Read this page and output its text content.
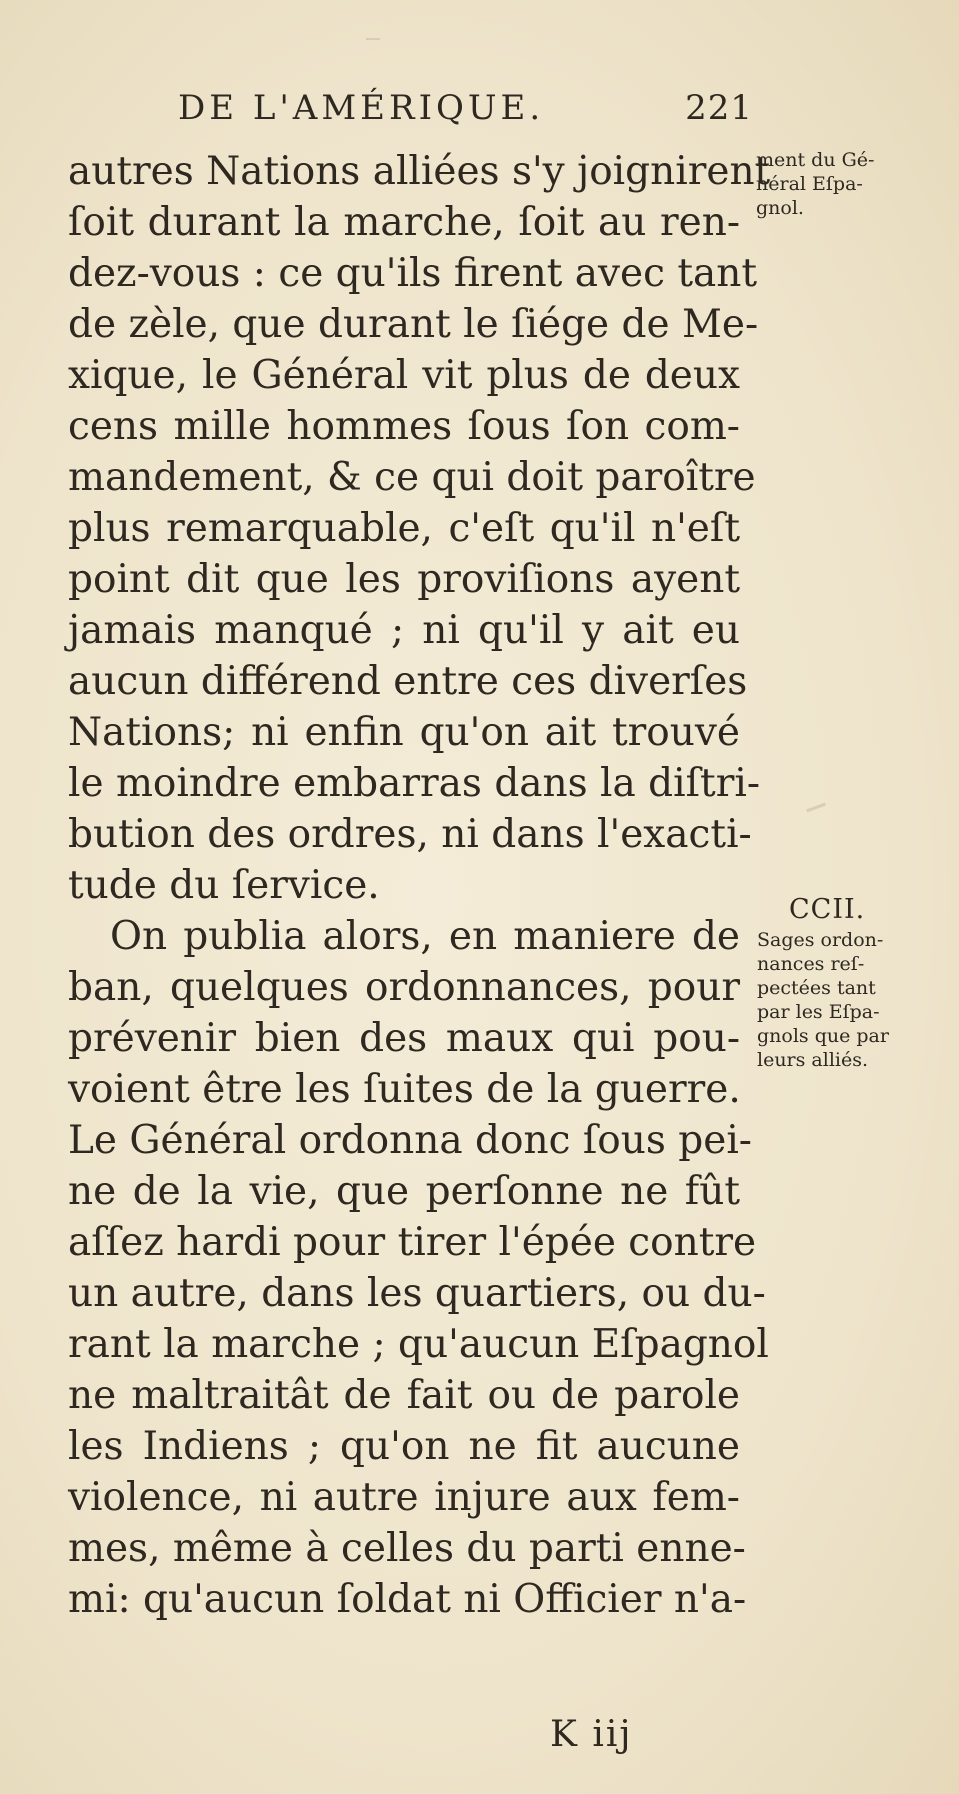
DE L'AMÉRIQUE.	221
autres Nations alliées s'y joignirent
ſoit durant la marche, ſoit au ren-
dez-vous : ce qu'ils firent avec tant
de zèle, que durant le ſiége de Me-
xique, le Général vit plus de deux
cens mille hommes ſous ſon com-
mandement, & ce qui doit paroître
plus remarquable, c'eſt qu'il n'eſt
point dit que les proviſions ayent
jamais manqué ; ni qu'il y ait eu
aucun différend entre ces diverſes
Nations; ni enfin qu'on ait trouvé
le moindre embarras dans la diſtri-
bution des ordres, ni dans l'exacti-
tude du ſervice.
On publia alors, en maniere de
ban, quelques ordonnances, pour
prévenir bien des maux qui pou-
voient être les ſuites de la guerre.
Le Général ordonna donc ſous pei-
ne de la vie, que perſonne ne fût
aſſez hardi pour tirer l'épée contre
un autre, dans les quartiers, ou du-
rant la marche ; qu'aucun Eſpagnol
ne maltraitât de fait ou de parole
les Indiens ; qu'on ne fit aucune
violence, ni autre injure aux fem-
mes, même à celles du parti enne-
mi: qu'aucun ſoldat ni Officier n'a-
ment du Gé-
néral Eſpa-
gnol.
CCII.
Sages ordon-
nances reſ-
pectées tant
par les Eſpa-
gnols que par
leurs alliés.
K iij
